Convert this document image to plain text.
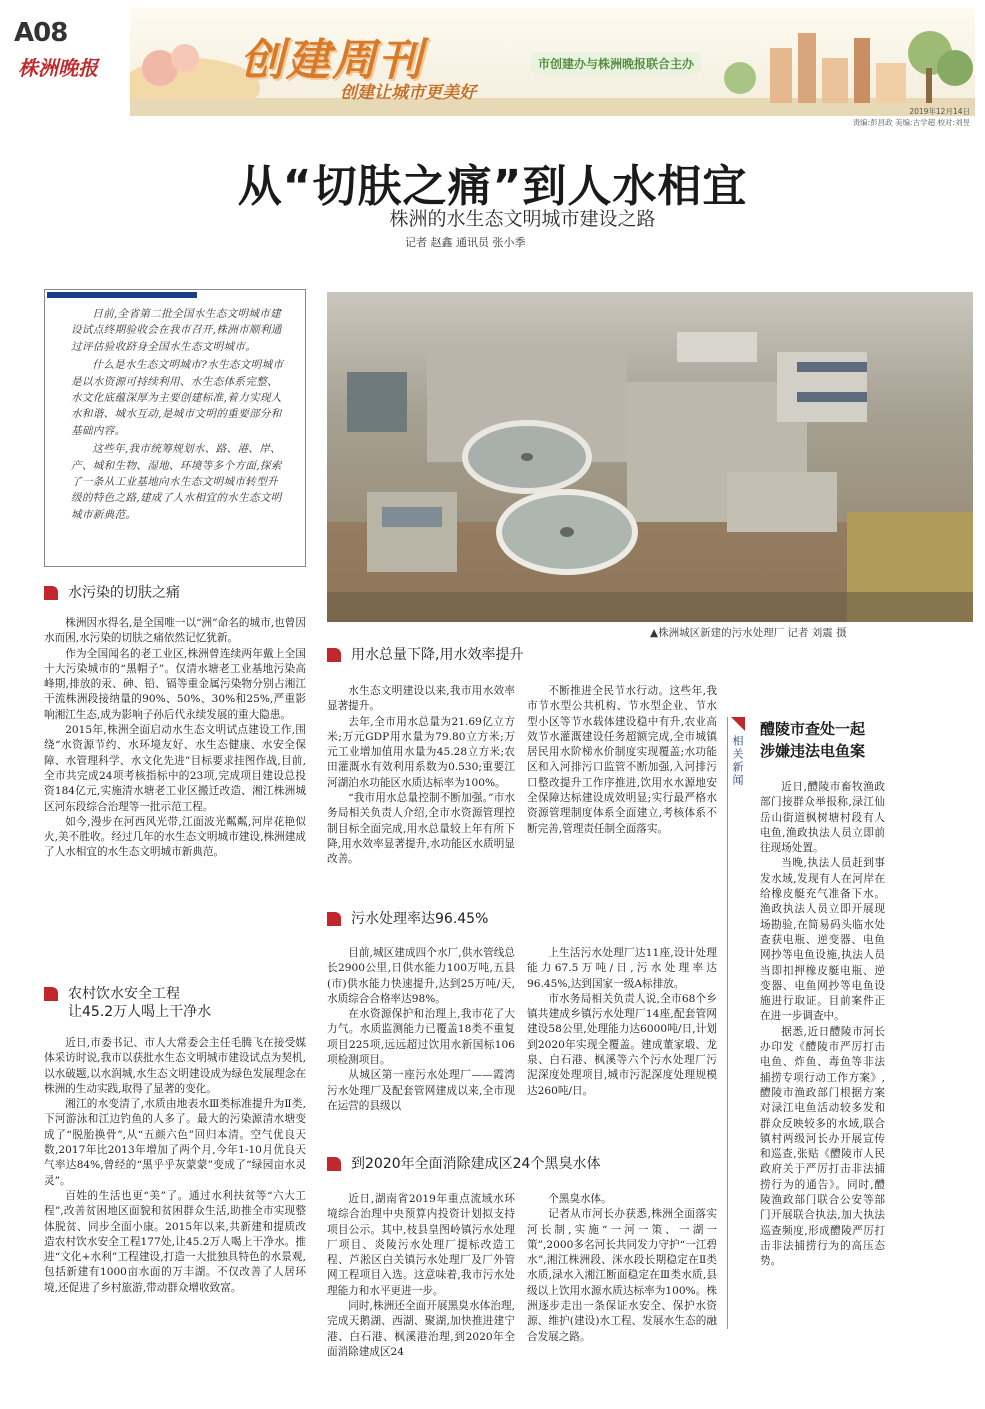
A08
株洲晚报	创建周刊	市创建办与株洲晚报联合主办
创建让城市更美好
2019年12月14日
责编:彭昌政 美编:古学超 校对:刘昱
从“切肤之痛”到人水相宜
株洲的水生态文明城市建设之路
记者 赵鑫 通讯员 张小季

日前,全省第二批全国水生态文明城市建设试点终期验收会在我市召开,株洲市顺利通过评估验收跻身全国水生态文明城市。

什么是水生态文明城市?水生态文明城市是以水资源可持续利用、水生态体系完整、水文化底蕴深厚为主要创建标准,着力实现人水和谐、城水互动,是城市文明的重要部分和基础内容。

这些年,我市统筹规划水、路、港、岸、产、城和生物、湿地、环境等多个方面,探索了一条从工业基地向水生态文明城市转型升级的特色之路,建成了人水相宜的水生态文明城市新典范。

▲株洲城区新建的污水处理厂 记者 刘震 摄
水污染的切肤之痛

株洲因水得名,是全国唯一以“洲”命名的城市,也曾因水而困,水污染的切肤之痛依然记忆犹新。

作为全国闻名的老工业区,株洲曾连续两年戴上全国十大污染城市的“黑帽子”。仅清水塘老工业基地污染高峰期,排放的汞、砷、铅、镉等重金属污染物分别占湘江干流株洲段接纳量的90%、50%、30%和25%,严重影响湘江生态,成为影响子孙后代永续发展的重大隐患。

2015年,株洲全面启动水生态文明试点建设工作,围绕“水资源节约、水环境友好、水生态健康、水安全保障、水管理科学、水文化先进”目标要求挂图作战,目前,全市共完成24项考核指标中的23项,完成项目建设总投资184亿元,实施清水塘老工业区搬迁改造、湘江株洲城区河东段综合治理等一批示范工程。

如今,漫步在河西风光带,江面波光粼粼,河岸花艳似火,美不胜收。经过几年的水生态文明城市建设,株洲建成了人水相宜的水生态文明城市新典范。

农村饮水安全工程
让45.2万人喝上干净水

近日,市委书记、市人大常委会主任毛腾飞在接受媒体采访时说,我市以获批水生态文明城市建设试点为契机,以水破题,以水润城,水生态文明建设成为绿色发展理念在株洲的生动实践,取得了显著的变化。

湘江的水变清了,水质由地表水Ⅲ类标准提升为Ⅱ类,下河游泳和江边钓鱼的人多了。最大的污染源清水塘变成了“脱胎换骨”,从“五颜六色”回归本清。空气优良天数,2017年比2013年增加了两个月,今年1-10月优良天气率达84%,曾经的“黑乎乎灰蒙蒙”变成了“绿园亩水灵灵”。

百姓的生活也更“美”了。通过水利扶贫等“六大工程”,改善贫困地区面貌和贫困群众生活,助推全市实现整体脱贫、同步全面小康。2015年以来,共新建和提质改造农村饮水安全工程177处,让45.2万人喝上干净水。推进“文化+水利”工程建设,打造一大批独具特色的水景观,包括新建有1000亩水面的万丰湖。不仅改善了人居环境,还促进了乡村旅游,带动群众增收致富。

用水总量下降,用水效率提升

水生态文明建设以来,我市用水效率显著提升。

去年,全市用水总量为21.69亿立方米;万元GDP用水量为79.80立方米;万元工业增加值用水量为45.28立方米;农田灌溉水有效利用系数为0.530;重要江河湖泊水功能区水质达标率为100%。

“我市用水总量控制不断加强。”市水务局相关负责人介绍,全市水资源管理控制目标全面完成,用水总量较上年有所下降,用水效率显著提升,水功能区水质明显改善。

不断推进全民节水行动。这些年,我市节水型公共机构、节水型企业、节水型小区等节水载体建设稳中有升,农业高效节水灌溉建设任务超额完成,全市城镇居民用水阶梯水价制度实现覆盖;水功能区和入河排污口监管不断加强,入河排污口整改提升工作序推进,饮用水水源地安全保障达标建设成效明显;实行最严格水资源管理制度体系全面建立,考核体系不断完善,管理责任制全面落实。

污水处理率达96.45%

目前,城区建成四个水厂,供水管线总长2900公里,日供水能力100万吨,五县(市)供水能力快速提升,达到25万吨/天,水质综合合格率达98%。

在水资源保护和治理上,我市花了大力气。水质监测能力已覆盖18类不重复项目225项,远远超过饮用水新国标106项检测项目。

从城区第一座污水处理厂——霞湾污水处理厂及配套管网建成以来,全市现在运营的县级以

上生活污水处理厂达11座,设计处理能力67.5万吨/日,污水处理率达96.45%,达到国家一级A标排放。

市水务局相关负责人说,全市68个乡镇共建成乡镇污水处理厂14座,配套管网建设58公里,处理能力达6000吨/日,计划到2020年实现全覆盖。建成董家塅、龙泉、白石港、枫溪等六个污水处理厂污泥深度处理项目,城市污泥深度处理规模达260吨/日。

到2020年全面消除建成区24个黑臭水体

近日,湖南省2019年重点流域水环境综合治理中央预算内投资计划拟支持项目公示。其中,枝县皇图岭镇污水处理厂项目、炎陵污水处理厂提标改造工程、芦淞区白关镇污水处理厂及厂外管网工程项目入选。这意味着,我市污水处理能力和水平更进一步。

同时,株洲还全面开展黑臭水体治理,完成天鹅湖、西湖、聚湖,加快推进建宁港、白石港、枫溪港治理,到2020年全面消除建成区24

个黑臭水体。

记者从市河长办获悉,株洲全面落实河长制,实施“一河一策、一湖一策”,2000多名河长共同发力守护“一江碧水”,湘江株洲段、洣水段长期稳定在Ⅱ类水质,渌水入湘江断面稳定在Ⅲ类水质,县级以上饮用水源水质达标率为100%。株洲逐步走出一条保证水安全、保护水资源、维护(建设)水工程、发展水生态的融合发展之路。

相关新闻
醴陵市查处一起
涉嫌违法电鱼案

近日,醴陵市畜牧渔政部门接群众举报称,渌江仙岳山街道枫树塘村段有人电鱼,渔政执法人员立即前往现场处置。

当晚,执法人员赶到事发水域,发现有人在河岸在给橡皮艇充气准备下水。渔政执法人员立即开展现场勘验,在简易码头临水处查获电瓶、逆变器、电鱼网抄等电鱼设施,执法人员当即扣押橡皮艇电瓶、逆变器、电鱼网抄等电鱼设施进行取证。目前案件正在进一步调查中。

据悉,近日醴陵市河长办印发《醴陵市严厉打击电鱼、炸鱼、毒鱼等非法捕捞专项行动工作方案》,醴陵市渔政部门根据方案对渌江电鱼活动较多发和群众反映较多的水域,联合镇村两级河长办开展宣传和巡查,张贴《醴陵市人民政府关于严厉打击非法捕捞行为的通告》。同时,醴陵渔政部门联合公安等部门开展联合执法,加大执法巡查频度,形成醴陵严厉打击非法捕捞行为的高压态势。
